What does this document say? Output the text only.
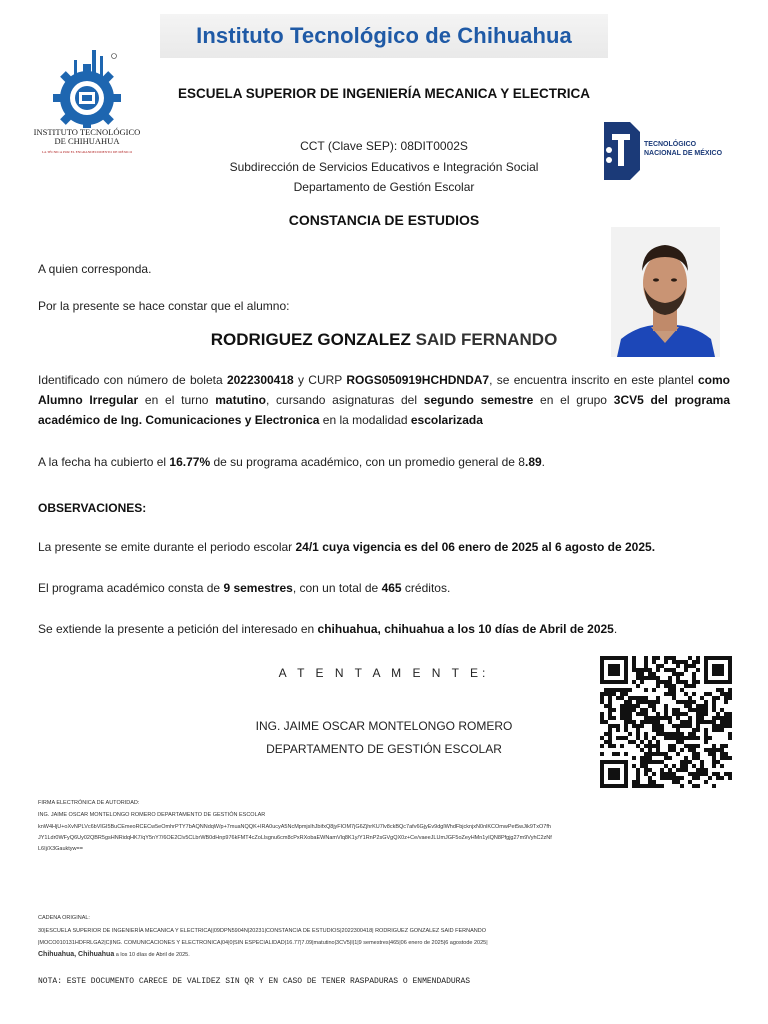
Instituto Tecnológico de Chihuahua
INSTITUTO TECNOLÓGICO DE CHIHUAHUA
LA TÉCNICA POR EL ENGRANDECIMIENTO DE MÉXICO
TECNOLÓGICO NACIONAL DE MÉXICO
ESCUELA SUPERIOR DE INGENIERÍA MECANICA Y ELECTRICA
CCT (Clave SEP): 08DIT0002S
Subdirección de Servicios Educativos e Integración Social
Departamento de Gestión Escolar
CONSTANCIA DE ESTUDIOS
A quien corresponda.
Por la presente se hace constar que el alumno:
RODRIGUEZ GONZALEZ SAID FERNANDO
Identificado con número de boleta 2022300418 y CURP ROGS050919HCHDNDA7, se encuentra inscrito en este plantel como Alumno Irregular en el turno matutino, cursando asignaturas del segundo semestre en el grupo 3CV5 del programa académico de Ing. Comunicaciones y Electronica en la modalidad escolarizada
A la fecha ha cubierto el 16.77% de su programa académico, con un promedio general de 8.89.
OBSERVACIONES:
La presente se emite durante el periodo escolar 24/1 cuya vigencia es del 06 enero de 2025 al 6 agosto de 2025.
El programa académico consta de 9 semestres, con un total de 465 créditos.
Se extiende la presente a petición del interesado en chihuahua, chihuahua a los 10 días de Abril de 2025.
A T E N T A M E N T E:
ING. JAIME OSCAR MONTELONGO ROMERO
DEPARTAMENTO DE GESTIÓN ESCOLAR
FIRMA ELECTRÓNICA DE AUTORIDAD:
ING. JAIME OSCAR MONTELONGO ROMERO DEPARTAMENTO DE GESTIÓN ESCOLAR
knW4HjU+oXvNPLVc6bVlGI5BuCEmeoRCECw5eOmhrPTY7bAQNNdqW/p+7muaNQQK+IRA0ucyA5NcMpmjslhJbifxQ8jyFIOM7jG6ZjhrKU7lv8ckBQc7afv6GjyEv9dglWhdFbjcknjxN0nlKCOmwPet5wJik9TxO7fhJY1Ldr0WFyQ6Uy02QBR5gsHNRidqHK7/qY5nY7/6OE2Clv5CLbrWB0dHnp976kFMT4cZoLlsgnu6cm8cPxRXobaEWNamVlq8K1y/Y1RnP2sGVgQX0z+Ce/vaeeJLUmJGF5oZeyHMn1yIQN8Pfgjg27m9VyhC2zNfL6Ij/X3Gauktyw==
CADENA ORIGINAL:
30|ESCUELA SUPERIOR DE INGENIERÍA MECANICA Y ELECTRICA||09DPN5904N|20231|CONSTANCIA DE ESTUDIOS|2022300418| RODRIGUEZ GONZALEZ SAID FERNANDO |MOCO010131HDFRLGA2|C|ING. COMUNICACIONES Y ELECTRONICA|04|0|SIN ESPECIALIDAD|16.77|7.09|matutino|3CV5|I|1|9 semestres|465|06 enero de 2025|6 agostode 2025|
Chihuahua, Chihuahua a los 10 días de Abril de 2025.
NOTA: ESTE DOCUMENTO CARECE DE VALIDEZ SIN QR Y EN CASO DE TENER RASPADURAS O ENMENDADURAS
